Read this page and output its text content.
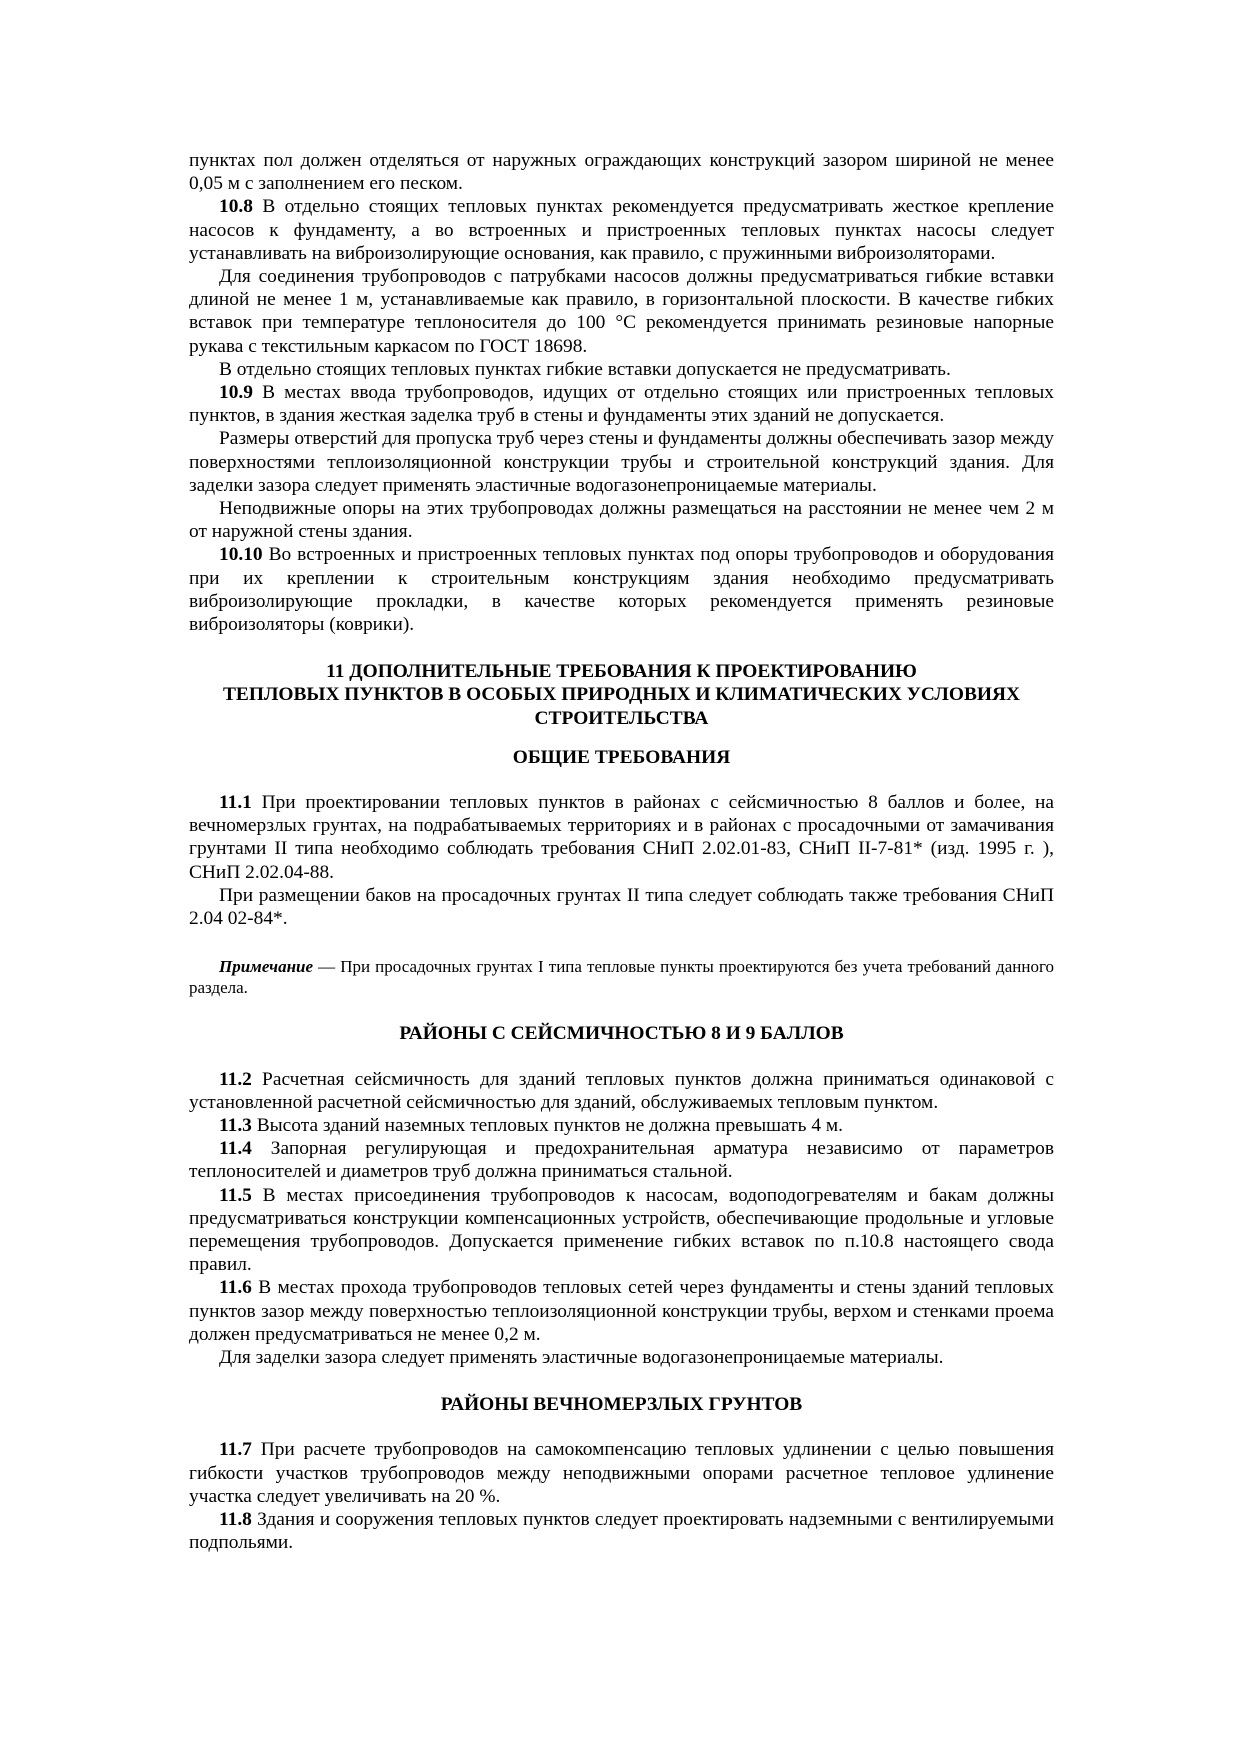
пунктах пол должен отделяться от наружных ограждающих конструкций зазором шириной не менее 0,05 м с заполнением его песком.

10.8 В отдельно стоящих тепловых пунктах рекомендуется предусматривать жесткое крепление насосов к фундаменту, а во встроенных и пристроенных тепловых пунктах насосы следует устанавливать на виброизолирующие основания, как правило, с пружинными виброизоляторами.

Для соединения трубопроводов с патрубками насосов должны предусматриваться гибкие вставки длиной не менее 1 м, устанавливаемые как правило, в горизонтальной плоскости. В качестве гибких вставок при температуре теплоносителя до 100 °С рекомендуется принимать резиновые напорные рукава с текстильным каркасом по ГОСТ 18698.

В отдельно стоящих тепловых пунктах гибкие вставки допускается не предусматривать.

10.9 В местах ввода трубопроводов, идущих от отдельно стоящих или пристроенных тепловых пунктов, в здания жесткая заделка труб в стены и фундаменты этих зданий не допускается.

Размеры отверстий для пропуска труб через стены и фундаменты должны обеспечивать зазор между поверхностями теплоизоляционной конструкции трубы и строительной конструкций здания. Для заделки зазора следует применять эластичные водогазонепроницаемые материалы.

Неподвижные опоры на этих трубопроводах должны размещаться на расстоянии не менее чем 2 м от наружной стены здания.

10.10 Во встроенных и пристроенных тепловых пунктах под опоры трубопроводов и оборудования при их креплении к строительным конструкциям здания необходимо предусматривать виброизолирующие прокладки, в качестве которых рекомендуется применять резиновые виброизоляторы (коврики).

11 ДОПОЛНИТЕЛЬНЫЕ ТРЕБОВАНИЯ К ПРОЕКТИРОВАНИЮ

ТЕПЛОВЫХ ПУНКТОВ В ОСОБЫХ ПРИРОДНЫХ И КЛИМАТИЧЕСКИХ УСЛОВИЯХ

СТРОИТЕЛЬСТВА

ОБЩИЕ ТРЕБОВАНИЯ

11.1 При проектировании тепловых пунктов в районах с сейсмичностью 8 баллов и более, на вечномерзлых грунтах, на подрабатываемых территориях и в районах с просадочными от замачивания грунтами II типа необходимо соблюдать требования СНиП 2.02.01-83, СНиП II-7-81* (изд. 1995 г. ), СНиП 2.02.04-88.

При размещении баков на просадочных грунтах II типа следует соблюдать также требования СНиП 2.04 02-84*.

Примечание — При просадочных грунтах I типа тепловые пункты проектируются без учета требований данного раздела.

РАЙОНЫ С СЕЙСМИЧНОСТЬЮ 8 И 9 БАЛЛОВ

11.2 Расчетная сейсмичность для зданий тепловых пунктов должна приниматься одинаковой с установленной расчетной сейсмичностью для зданий, обслуживаемых тепловым пунктом.

11.3 Высота зданий наземных тепловых пунктов не должна превышать 4 м.

11.4 Запорная регулирующая и предохранительная арматура независимо от параметров теплоносителей и диаметров труб должна приниматься стальной.

11.5 В местах присоединения трубопроводов к насосам, водоподогревателям и бакам должны предусматриваться конструкции компенсационных устройств, обеспечивающие продольные и угловые перемещения трубопроводов. Допускается применение гибких вставок по п.10.8 настоящего свода правил.

11.6 В местах прохода трубопроводов тепловых сетей через фундаменты и стены зданий тепловых пунктов зазор между поверхностью теплоизоляционной конструкции трубы, верхом и стенками проема должен предусматриваться не менее 0,2 м.

Для заделки зазора следует применять эластичные водогазонепроницаемые материалы.

РАЙОНЫ ВЕЧНОМЕРЗЛЫХ ГРУНТОВ

11.7 При расчете трубопроводов на самокомпенсацию тепловых удлинении с целью повышения гибкости участков трубопроводов между неподвижными опорами расчетное тепловое удлинение участка следует увеличивать на 20 %.

11.8 Здания и сооружения тепловых пунктов следует проектировать надземными с вентилируемыми подпольями.
